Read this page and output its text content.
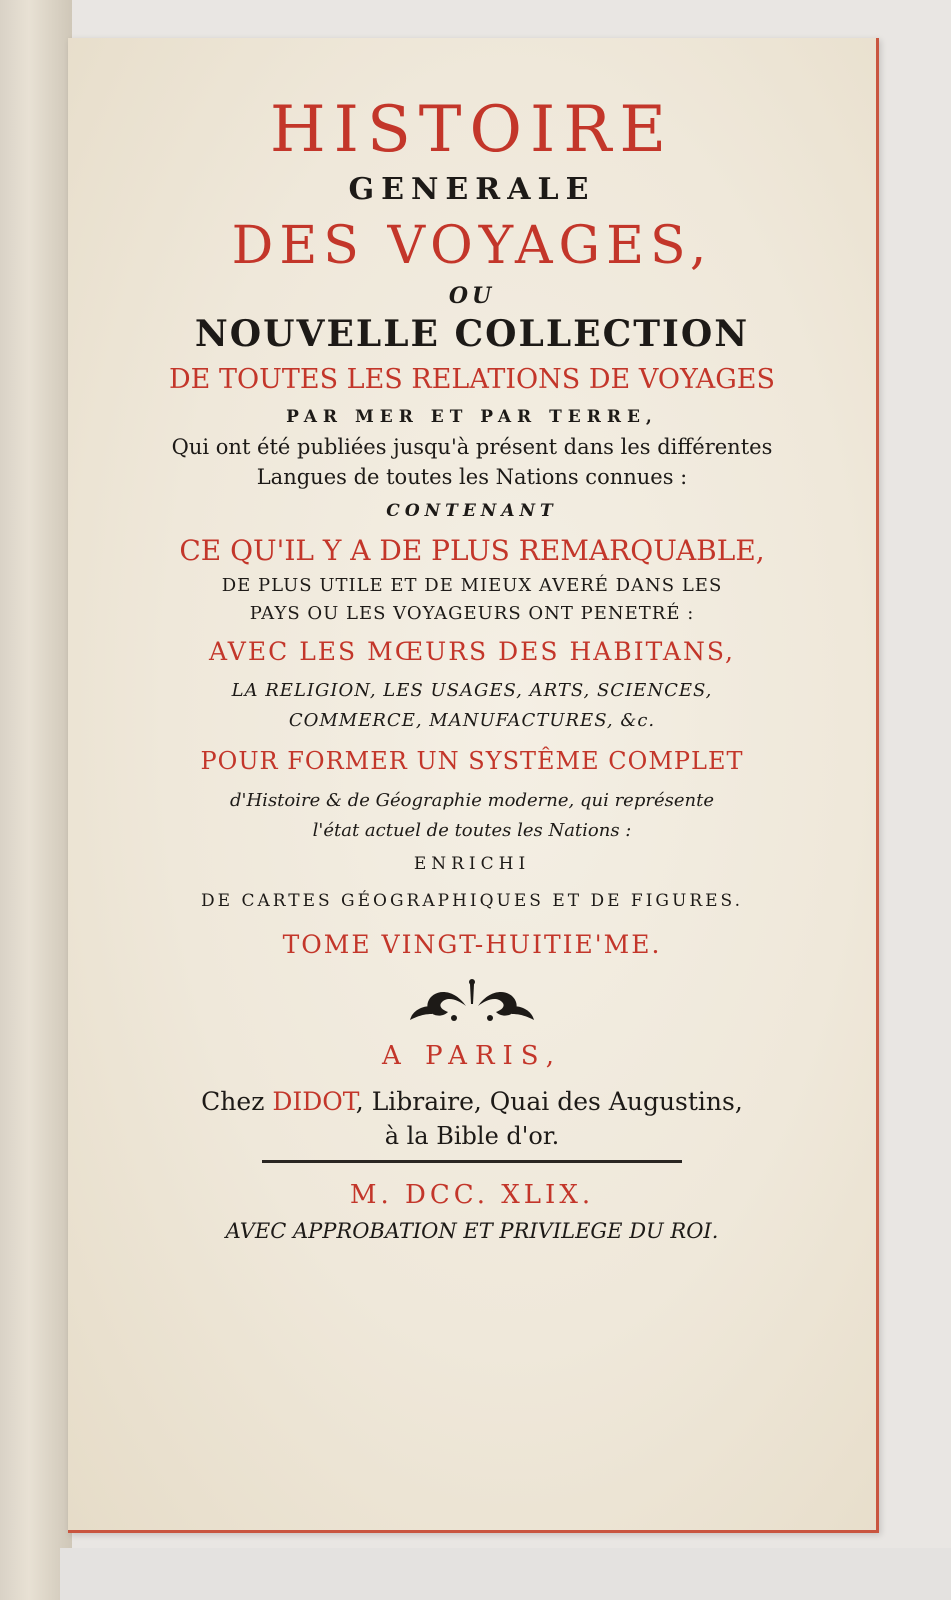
HISTOIRE
GENERALE
DES VOYAGES,
OU
NOUVELLE COLLECTION
DE TOUTES LES RELATIONS DE VOYAGES
PAR MER ET PAR TERRE,
Qui ont été publiées jusqu'à présent dans les différentes
Langues de toutes les Nations connues :
CONTENANT
CE QU'IL Y A DE PLUS REMARQUABLE,
DE PLUS UTILE ET DE MIEUX AVERÉ DANS LES
PAYS OU LES VOYAGEURS ONT PENETRÉ :
AVEC LES MŒURS DES HABITANS,
LA RELIGION, LES USAGES, ARTS, SCIENCES,
COMMERCE, MANUFACTURES, &c.
POUR FORMER UN SYSTÊME COMPLET
d'Histoire & de Géographie moderne, qui représente
l'état actuel de toutes les Nations :
ENRICHI
DE CARTES GÉOGRAPHIQUES ET DE FIGURES.
TOME VINGT-HUITIE'ME.
A PARIS,
Chez DIDOT, Libraire, Quai des Augustins,
à la Bible d'or.
M. DCC. XLIX.
AVEC APPROBATION ET PRIVILEGE DU ROI.
